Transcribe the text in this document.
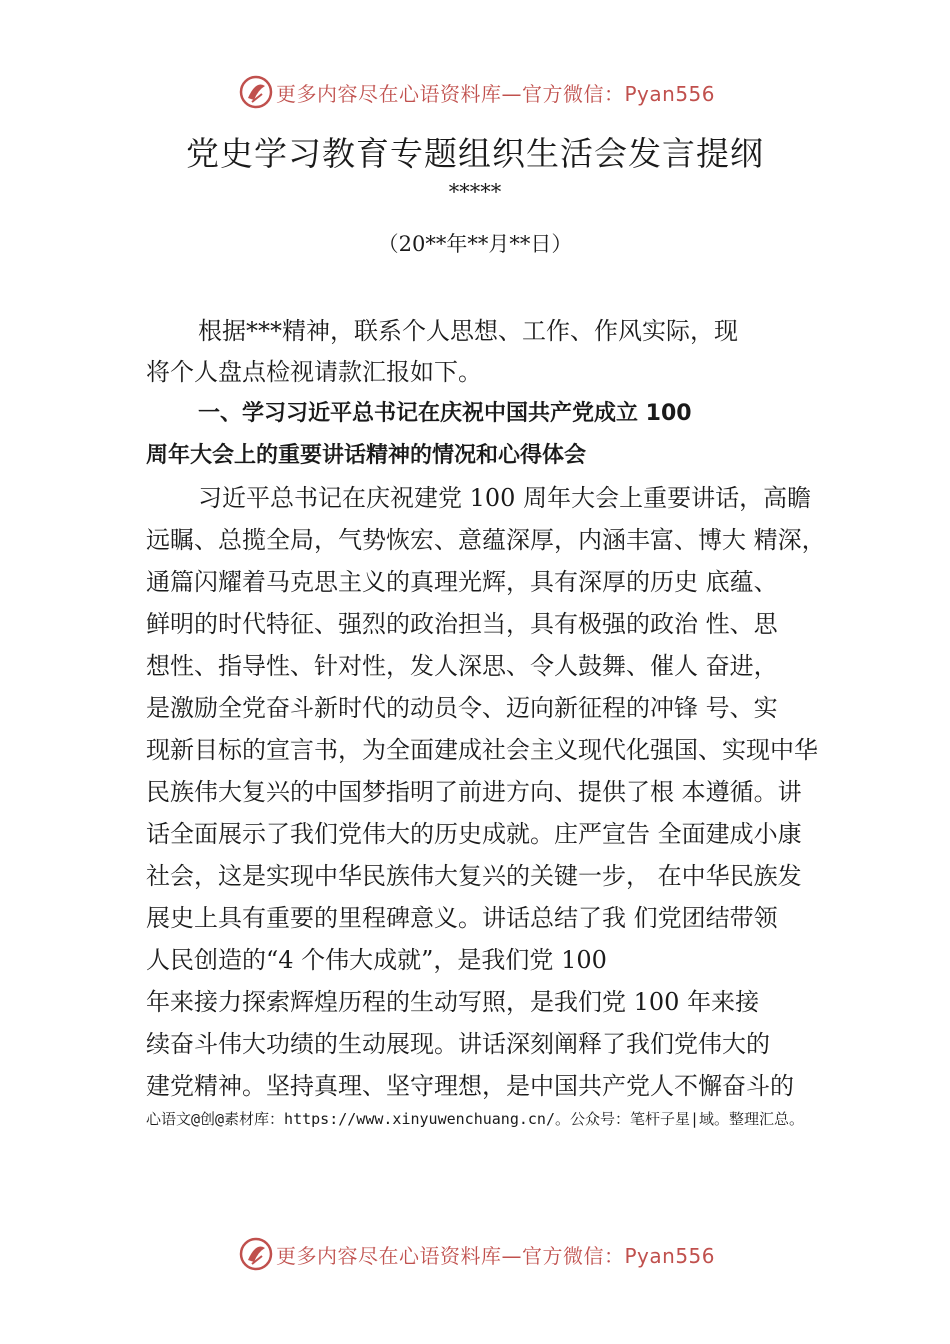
更多内容尽在心语资料库—官方微信：Pyan556
党史学习教育专题组织生活会发言提纲
*****
（20**年**月**日）
根据***精神，联系个人思想、工作、作风实际，现
将个人盘点检视请款汇报如下。
一、学习习近平总书记在庆祝中国共产党成立 100
周年大会上的重要讲话精神的情况和心得体会
习近平总书记在庆祝建党 100 周年大会上重要讲话，高瞻
远瞩、总揽全局，气势恢宏、意蕴深厚，内涵丰富、博大 精深，
通篇闪耀着马克思主义的真理光辉，具有深厚的历史 底蕴、
鲜明的时代特征、强烈的政治担当，具有极强的政治 性、思
想性、指导性、针对性，发人深思、令人鼓舞、催人 奋进，
是激励全党奋斗新时代的动员令、迈向新征程的冲锋 号、实
现新目标的宣言书，为全面建成社会主义现代化强国、实现中华
民族伟大复兴的中国梦指明了前进方向、提供了根 本遵循。讲
话全面展示了我们党伟大的历史成就。庄严宣告 全面建成小康
社会，这是实现中华民族伟大复兴的关键一步， 在中华民族发
展史上具有重要的里程碑意义。讲话总结了我 们党团结带领
人民创造的“4 个伟大成就”，是我们党 100
年来接力探索辉煌历程的生动写照，是我们党 100 年来接
续奋斗伟大功绩的生动展现。讲话深刻阐释了我们党伟大的
建党精神。坚持真理、坚守理想，是中国共产党人不懈奋斗的
心语文@创@素材库：https://www.xinyuwenchuang.cn/。公众号：笔杆子星|域。整理汇总。
更多内容尽在心语资料库—官方微信：Pyan556
